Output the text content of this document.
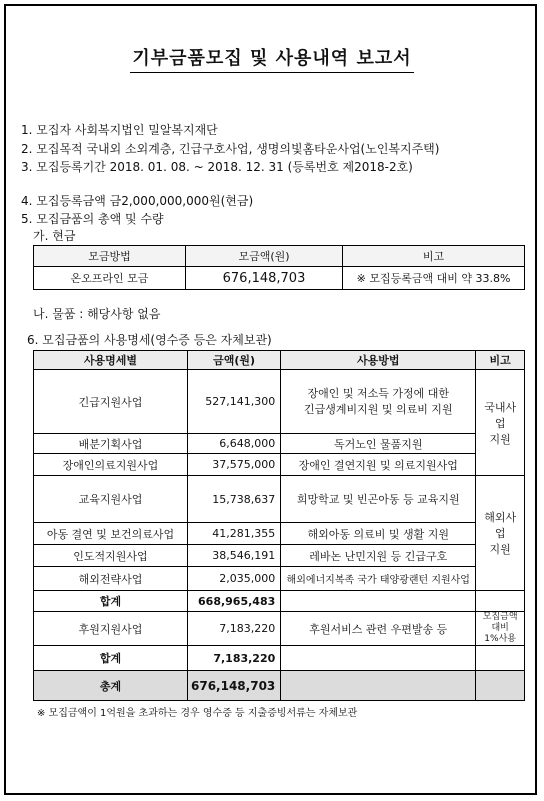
기부금품모집 및 사용내역 보고서
1. 모집자 사회복지법인 밀알복지재단
2. 모집목적 국내외 소외계층, 긴급구호사업, 생명의빛홈타운사업(노인복지주택)
3. 모집등록기간 2018. 01. 08. ~ 2018. 12. 31 (등록번호 제2018-2호)
4. 모집등록금액 금2,000,000,000원(현금)
5. 모집금품의 총액 및 수량
가. 현금
모금방법	모금액(원)	비고
온오프라인 모금	676,148,703	※ 모집등록금액 대비 약 33.8%
나. 물품 : 해당사항 없음
6. 모집금품의 사용명세(영수증 등은 자체보관)
사용명세별	금액(원)	사용방법	비고
긴급지원사업	527,141,300	장애인 및 저소득 가정에 대한
긴급생계비지원 및 의료비 지원	국내사업
지원
배분기획사업	6,648,000	독거노인 물품지원	
장애인의료지원사업	37,575,000	장애인 결연지원 및 의료지원사업	
교육지원사업	15,738,637	희망학교 및 빈곤아동 등 교육지원	해외사업
지원
아동 결연 및 보건의료사업	41,281,355	해외아동 의료비 및 생활 지원	
인도적지원사업	38,546,191	레바논 난민지원 등 긴급구호	
해외전략사업	2,035,000	해외에너지복족 국가 태양광랜턴 지원사업	
합계	668,965,483		
후원지원사업	7,183,220	후원서비스 관련 우편발송 등	모집금액 대비
1%사용
합계	7,183,220		
총계	676,148,703		
※ 모집금액이 1억원을 초과하는 경우 영수증 등 지출증빙서류는 자체보관
